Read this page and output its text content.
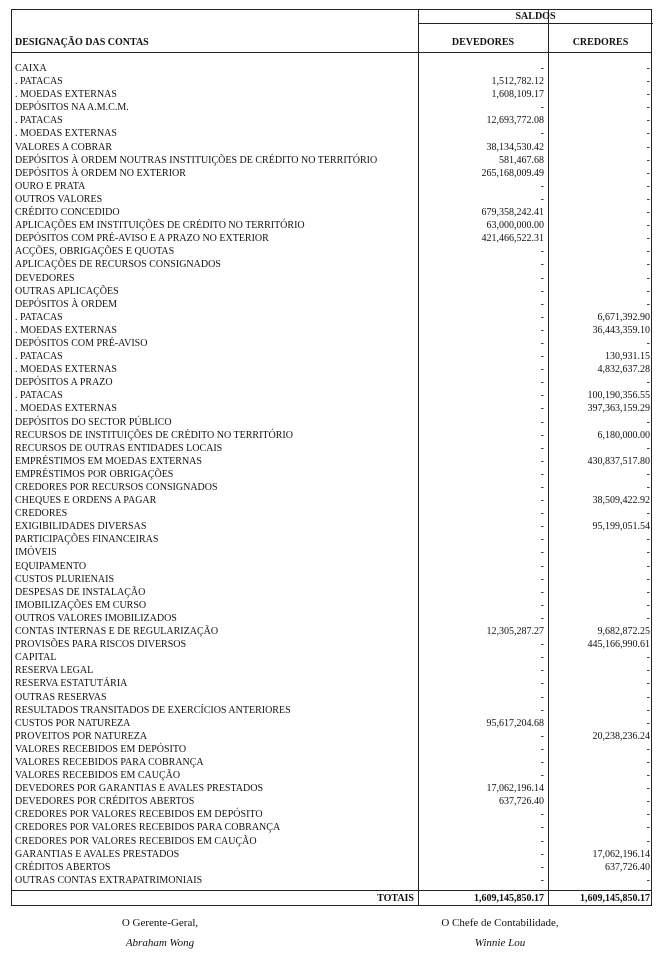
SALDOS
DESIGNAÇÃO DAS CONTAS	DEVEDORES	CREDORES
CAIXA	-	-
. PATACAS	1,512,782.12	-
. MOEDAS EXTERNAS	1,608,109.17	-
DEPÓSITOS NA A.M.C.M.	-	-
. PATACAS	12,693,772.08	-
. MOEDAS EXTERNAS	-	-
VALORES A COBRAR	38,134,530.42	-
DEPÓSITOS À ORDEM NOUTRAS INSTITUIÇÕES DE CRÉDITO NO TERRITÓRIO	581,467.68	-
DEPÓSITOS À ORDEM NO EXTERIOR	265,168,009.49	-
OURO E PRATA	-	-
OUTROS VALORES	-	-
CRÉDITO CONCEDIDO	679,358,242.41	-
APLICAÇÕES EM INSTITUIÇÕES DE CRÉDITO NO TERRITÓRIO	63,000,000.00	-
DEPÓSITOS COM PRÉ-AVISO E A PRAZO NO EXTERIOR	421,466,522.31	-
ACÇÕES, OBRIGAÇÕES E QUOTAS	-	-
APLICAÇÕES DE RECURSOS CONSIGNADOS	-	-
DEVEDORES	-	-
OUTRAS APLICAÇÕES	-	-
DEPÓSITOS À ORDEM	-	-
. PATACAS	-	6,671,392.90
. MOEDAS EXTERNAS	-	36,443,359.10
DEPÓSITOS COM PRÉ-AVISO	-	-
. PATACAS	-	130,931.15
. MOEDAS EXTERNAS	-	4,832,637.28
DEPÓSITOS A PRAZO	-	-
. PATACAS	-	100,190,356.55
. MOEDAS EXTERNAS	-	397,363,159.29
DEPÓSITOS DO SECTOR PÚBLICO	-	-
RECURSOS DE INSTITUIÇÕES DE CRÉDITO NO TERRITÓRIO	-	6,180,000.00
RECURSOS DE OUTRAS ENTIDADES LOCAIS	-	-
EMPRÉSTIMOS EM MOEDAS EXTERNAS	-	430,837,517.80
EMPRÉSTIMOS POR OBRIGAÇÕES	-	-
CREDORES POR RECURSOS CONSIGNADOS	-	-
CHEQUES E ORDENS A PAGAR	-	38,509,422.92
CREDORES	-	-
EXIGIBILIDADES DIVERSAS	-	95,199,051.54
PARTICIPAÇÕES FINANCEIRAS	-	-
IMÓVEIS	-	-
EQUIPAMENTO	-	-
CUSTOS PLURIENAIS	-	-
DESPESAS DE INSTALAÇÃO	-	-
IMOBILIZAÇÕES EM CURSO	-	-
OUTROS VALORES IMOBILIZADOS	-	-
CONTAS INTERNAS E DE REGULARIZAÇÃO	12,305,287.27	9,682,872.25
PROVISÕES PARA RISCOS DIVERSOS	-	445,166,990.61
CAPITAL	-	-
RESERVA LEGAL	-	-
RESERVA ESTATUTÁRIA	-	-
OUTRAS RESERVAS	-	-
RESULTADOS TRANSITADOS DE EXERCÍCIOS ANTERIORES	-	-
CUSTOS POR NATUREZA	95,617,204.68	-
PROVEITOS POR NATUREZA	-	20,238,236.24
VALORES RECEBIDOS EM DEPÓSITO	-	-
VALORES RECEBIDOS PARA COBRANÇA	-	-
VALORES RECEBIDOS EM CAUÇÃO	-	-
DEVEDORES POR GARANTIAS E AVALES PRESTADOS	17,062,196.14	-
DEVEDORES POR CRÉDITOS ABERTOS	637,726.40	-
CREDORES POR VALORES RECEBIDOS EM DEPÓSITO	-	-
CREDORES POR VALORES RECEBIDOS PARA COBRANÇA	-	-
CREDORES POR VALORES RECEBIDOS EM CAUÇÃO	-	-
GARANTIAS E AVALES PRESTADOS	-	17,062,196.14
CRÉDITOS ABERTOS	-	637,726.40
OUTRAS CONTAS EXTRAPATRIMONIAIS	-	-
TOTAIS	1,609,145,850.17	1,609,145,850.17
O Gerente-Geral,
Abraham Wong
O Chefe de Contabilidade,
Winnie Lou
